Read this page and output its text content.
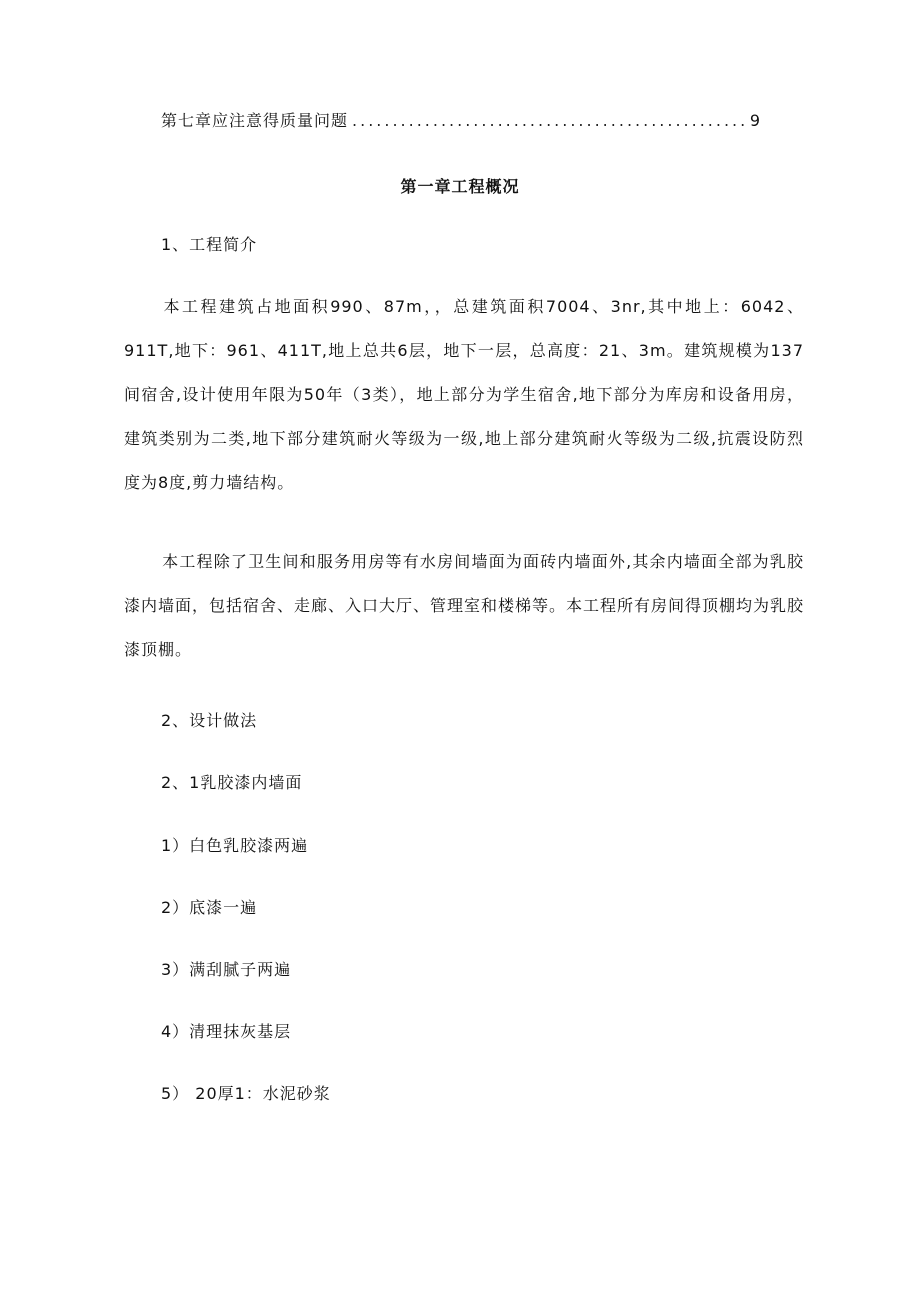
第七章应注意得质量问题
.....	9
第一章工程概况
1、工程简介
本工程建筑占地面积990、87m，，总建筑面积7004、3nr,其中地上：6042、911T,地下：961、411T,地上总共6层，地下一层，总高度：21、3m。建筑规模为137间宿舍,设计使用年限为50年（3类），地上部分为学生宿舍,地下部分为库房和设备用房，建筑类别为二类,地下部分建筑耐火等级为一级,地上部分建筑耐火等级为二级,抗震设防烈度为8度,剪力墙结构。
本工程除了卫生间和服务用房等有水房间墙面为面砖内墙面外,其余内墙面全部为乳胶漆内墙面，包括宿舍、走廊、入口大厅、管理室和楼梯等。本工程所有房间得顶棚均为乳胶漆顶棚。
2、设计做法
2、1乳胶漆内墙面
1）白色乳胶漆两遍
2）底漆一遍
3）满刮腻子两遍
4）清理抹灰基层
5） 20厚1：水泥砂浆
